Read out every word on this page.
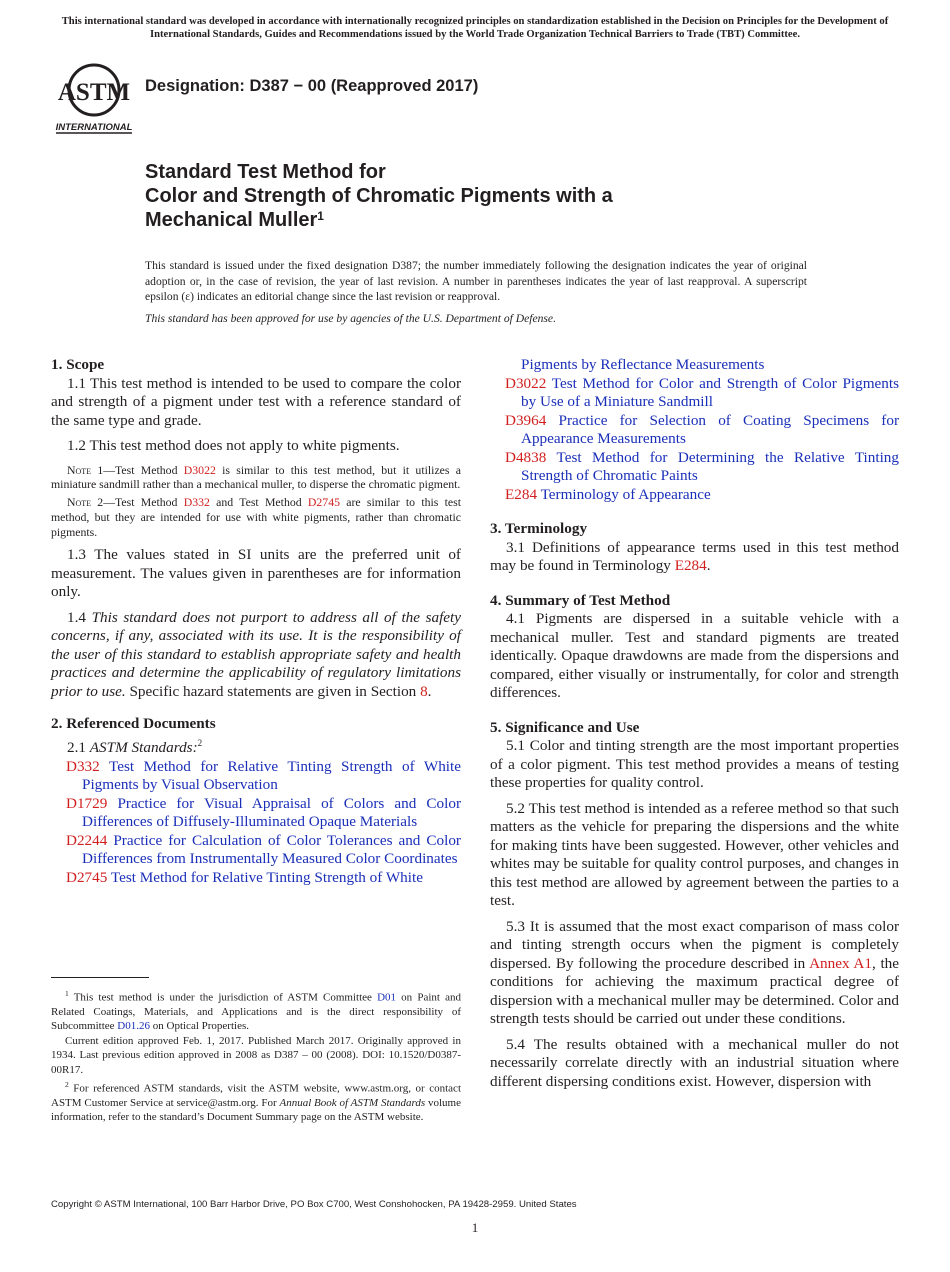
This international standard was developed in accordance with internationally recognized principles on standardization established in the Decision on Principles for the Development of International Standards, Guides and Recommendations issued by the World Trade Organization Technical Barriers to Trade (TBT) Committee.
ASTM
INTERNATIONAL
Designation: D387 − 00 (Reapproved 2017)
Standard Test Method for
Color and Strength of Chromatic Pigments with a
Mechanical Muller$^1$
This standard is issued under the fixed designation D387; the number immediately following the designation indicates the year of original adoption or, in the case of revision, the year of last revision. A number in parentheses indicates the year of last reapproval. A superscript epsilon (ε) indicates an editorial change since the last revision or reapproval.
This standard has been approved for use by agencies of the U.S. Department of Defense.

1. Scope

1.1 This test method is intended to be used to compare the color and strength of a pigment under test with a reference standard of the same type and grade.

1.2 This test method does not apply to white pigments.

Note 1—Test Method D3022 is similar to this test method, but it utilizes a miniature sandmill rather than a mechanical muller, to disperse the chromatic pigment.

Note 2—Test Method D332 and Test Method D2745 are similar to this test method, but they are intended for use with white pigments, rather than chromatic pigments.

1.3 The values stated in SI units are the preferred unit of measurement. The values given in parentheses are for information only.

1.4 This standard does not purport to address all of the safety concerns, if any, associated with its use. It is the responsibility of the user of this standard to establish appropriate safety and health practices and determine the applicability of regulatory limitations prior to use. Specific hazard statements are given in Section 8.

2. Referenced Documents

2.1 ASTM Standards:$^2$

D332 Test Method for Relative Tinting Strength of White Pigments by Visual Observation

D1729 Practice for Visual Appraisal of Colors and Color Differences of Diffusely-Illuminated Opaque Materials

D2244 Practice for Calculation of Color Tolerances and Color Differences from Instrumentally Measured Color Coordinates

D2745 Test Method for Relative Tinting Strength of White

Pigments by Reflectance Measurements

D3022 Test Method for Color and Strength of Color Pigments by Use of a Miniature Sandmill

D3964 Practice for Selection of Coating Specimens for Appearance Measurements

D4838 Test Method for Determining the Relative Tinting Strength of Chromatic Paints

E284 Terminology of Appearance

3. Terminology

3.1 Definitions of appearance terms used in this test method may be found in Terminology E284.

4. Summary of Test Method

4.1 Pigments are dispersed in a suitable vehicle with a mechanical muller. Test and standard pigments are treated identically. Opaque drawdowns are made from the dispersions and compared, either visually or instrumentally, for color and strength differences.

5. Significance and Use

5.1 Color and tinting strength are the most important properties of a color pigment. This test method provides a means of testing these properties for quality control.

5.2 This test method is intended as a referee method so that such matters as the vehicle for preparing the dispersions and the white for making tints have been suggested. However, other vehicles and whites may be suitable for quality control purposes, and changes in this test method are allowed by agreement between the parties to a test.

5.3 It is assumed that the most exact comparison of mass color and tinting strength occurs when the pigment is completely dispersed. By following the procedure described in Annex A1, the conditions for achieving the maximum practical degree of dispersion with a mechanical muller may be determined. Color and strength tests should be carried out under these conditions.

5.4 The results obtained with a mechanical muller do not necessarily correlate directly with an industrial situation where different dispersing conditions exist. However, dispersion with

$^1$ This test method is under the jurisdiction of ASTM Committee D01 on Paint and Related Coatings, Materials, and Applications and is the direct responsibility of Subcommittee D01.26 on Optical Properties.

Current edition approved Feb. 1, 2017. Published March 2017. Originally approved in 1934. Last previous edition approved in 2008 as D387 – 00 (2008). DOI: 10.1520/D0387-00R17.

$^2$ For referenced ASTM standards, visit the ASTM website, www.astm.org, or contact ASTM Customer Service at service@astm.org. For Annual Book of ASTM Standards volume information, refer to the standard’s Document Summary page on the ASTM website.

Copyright © ASTM International, 100 Barr Harbor Drive, PO Box C700, West Conshohocken, PA 19428-2959. United States
1
